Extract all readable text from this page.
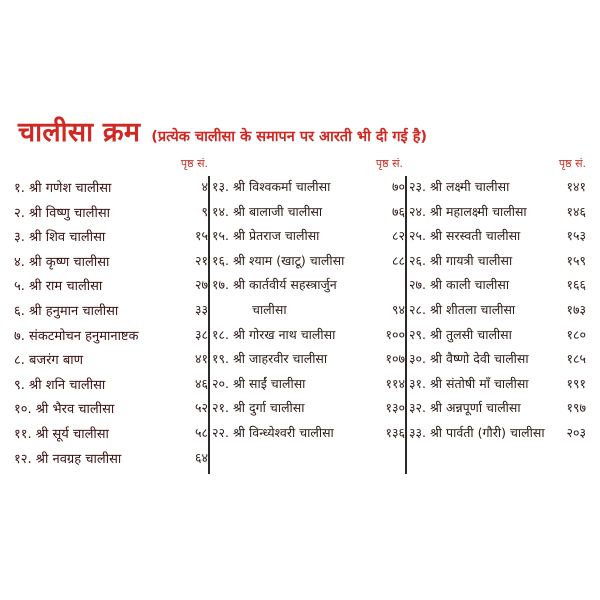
चालीसा क्रम (प्रत्येक चालीसा के समापन पर आरती भी दी गई है)
पृष्ठ सं.
१. श्री गणेश चालीसा	४
२. श्री विष्णु चालीसा	९
३. श्री शिव चालीसा	१५
४. श्री कृष्ण चालीसा	२१
५. श्री राम चालीसा	२७
६. श्री हनुमान चालीसा	३३
७. संकटमोचन हनुमानाष्टक	३८
८. बजरंग बाण	४१
९. श्री शनि चालीसा	४६
१०. श्री भैरव चालीसा	५२
११. श्री सूर्य चालीसा	५८
१२. श्री नवग्रह चालीसा	६४
पृष्ठ सं.
१३. श्री विश्वकर्मा चालीसा	७०
१४. श्री बालाजी चालीसा	७६
१५. श्री प्रेतराज चालीसा	८२
१६. श्री श्याम (खाटू) चालीसा	८८
१७. श्री कार्तवीर्य सहस्त्रार्जुन
चालीसा	९४
१८. श्री गोरख नाथ चालीसा	१००
१९. श्री जाहरवीर चालीसा	१०७
२०. श्री साईं चालीसा	११४
२१. श्री दुर्गा चालीसा	१३०
२२. श्री विन्ध्येश्वरी चालीसा	१३६
पृष्ठ सं.
२३. श्री लक्ष्मी चालीसा	१४१
२४. श्री महालक्ष्मी चालीसा	१४६
२५. श्री सरस्वती चालीसा	१५३
२६. श्री गायत्री चालीसा	१५९
२७. श्री काली चालीसा	१६६
२८. श्री शीतला चालीसा	१७३
२९. श्री तुलसी चालीसा	१८०
३०. श्री वैष्णो देवी चालीसा	१८५
३१. श्री संतोषी माँ चालीसा	१९१
३२. श्री अन्नपूर्णा चालीसा	१९७
३३. श्री पार्वती (गौरी) चालीसा २०३
